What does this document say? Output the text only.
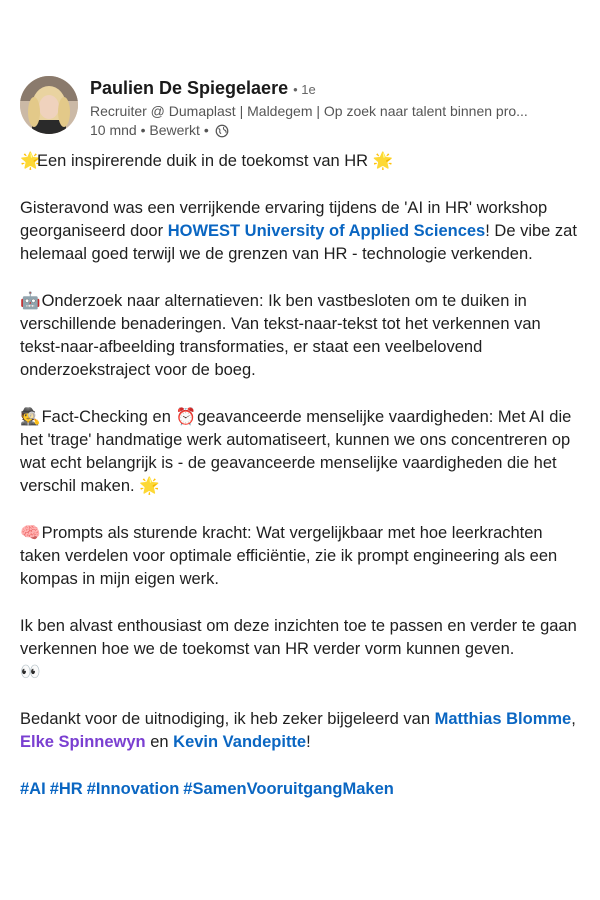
Paulien De Spiegelaere • 1e
Recruiter @ Dumaplast | Maldegem | Op zoek naar talent binnen pro...
10 mnd • Bewerkt •

🌟Een inspirerende duik in de toekomst van HR 🌟

Gisteravond was een verrijkende ervaring tijdens de 'AI in HR' workshop georganiseerd door HOWEST University of Applied Sciences! De vibe zat helemaal goed terwijl we de grenzen van HR - technologie verkenden.

🤖 Onderzoek naar alternatieven: Ik ben vastbesloten om te duiken in verschillende benaderingen. Van tekst-naar-tekst tot het verkennen van tekst-naar-afbeelding transformaties, er staat een veelbelovend onderzoekstraject voor de boeg.

🕵 Fact-Checking en ⏰ geavanceerde menselijke vaardigheden: Met AI die het 'trage' handmatige werk automatiseert, kunnen we ons concentreren op wat echt belangrijk is - de geavanceerde menselijke vaardigheden die het verschil maken. 🌟

🧠 Prompts als sturende kracht: Wat vergelijkbaar met hoe leerkrachten taken verdelen voor optimale efficiëntie, zie ik prompt engineering als een kompas in mijn eigen werk.

Ik ben alvast enthousiast om deze inzichten toe te passen en verder te gaan verkennen hoe we de toekomst van HR verder vorm kunnen geven.
👀

Bedankt voor de uitnodiging, ik heb zeker bijgeleerd van Matthias Blomme, Elke Spinnewyn en Kevin Vandepitte!

#AI #HR #Innovation #SamenVooruitgangMaken
